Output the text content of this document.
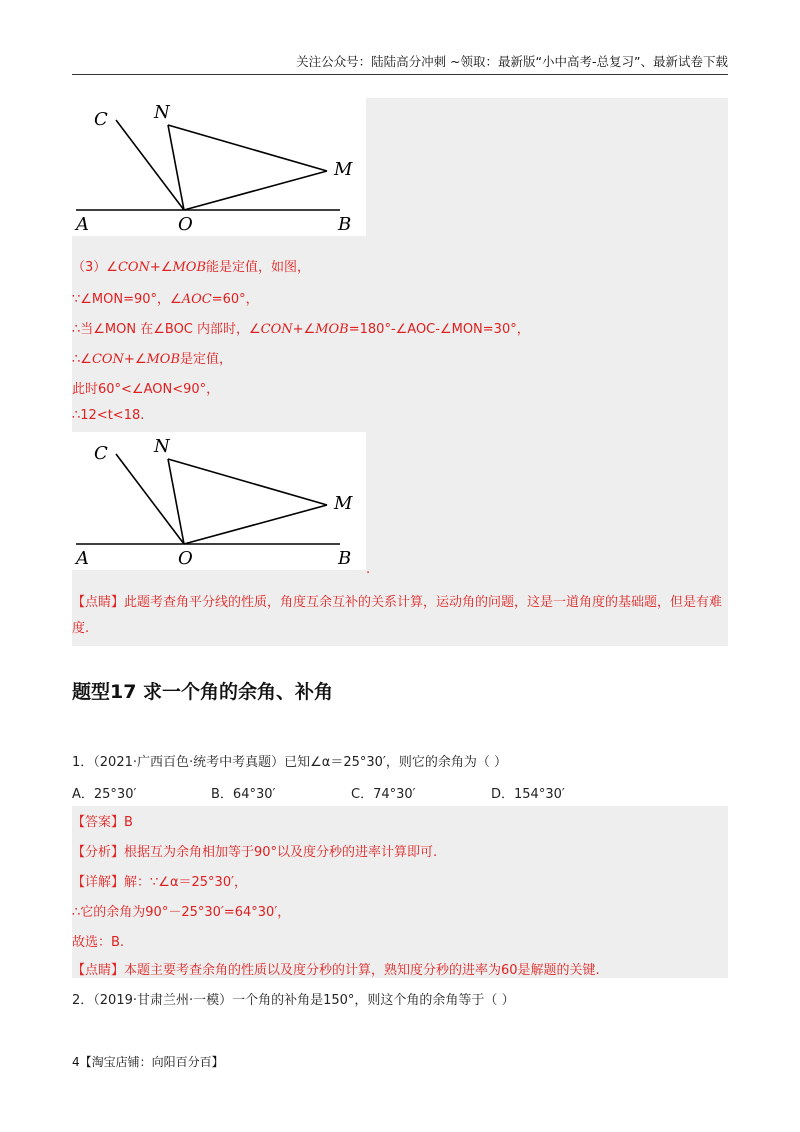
关注公众号：陆陆高分冲刺 ~领取：最新版“小中高考-总复习”、最新试卷下载
C	N
M
A	O	B
（3）∠CON+∠MOB能是定值，如图，
∵∠MON=90°，∠AOC=60°，
∴当∠MON 在∠BOC 内部时，∠CON+∠MOB=180°-∠AOC-∠MON=30°，
∴∠CON+∠MOB是定值，
此时60°<∠AON<90°，
∴12<t<18.
C	N
M
A	O	B
.
【点睛】此题考查角平分线的性质，角度互余互补的关系计算，运动角的问题，这是一道角度的基础题，但是有难度.
题型17 求一个角的余角、补角
1．（2021·广西百色·统考中考真题）已知∠α＝25°30′，则它的余角为（ ）
A．25°30′	B．64°30′	C．74°30′	D．154°30′
【答案】B
【分析】根据互为余角相加等于90°以及度分秒的进率计算即可.
【详解】解：∵∠α＝25°30′，
∴它的余角为90°－25°30′=64°30′，
故选：B.
【点睛】本题主要考查余角的性质以及度分秒的计算，熟知度分秒的进率为60是解题的关键.
2．（2019·甘肃兰州·一模）一个角的补角是150°，则这个角的余角等于（ ）
4【淘宝店铺：向阳百分百】
